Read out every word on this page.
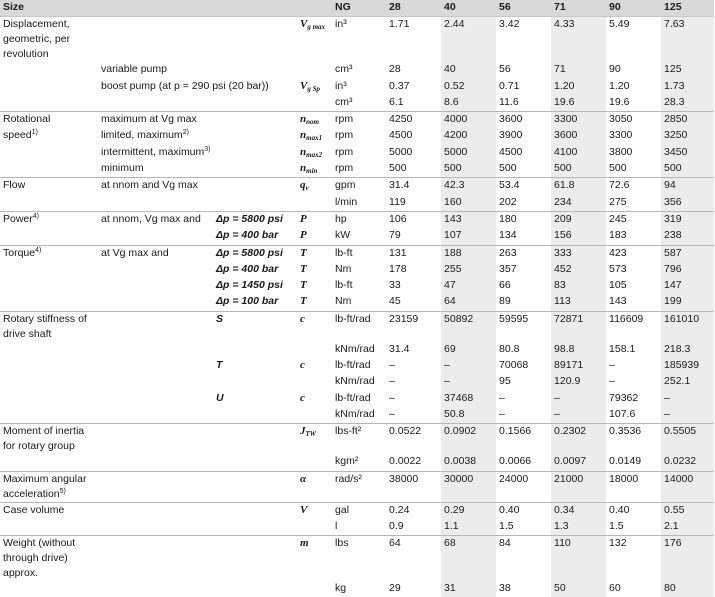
Size				NG	28	40	56	71	90	125
Displacement, geometric, per revolution			$V_{g max}$	in³	1.71	2.44	3.42	4.33	5.49	7.63
	variable pump			cm³	28	40	56	71	90	125
	boost pump (at p = 290 psi (20 bar))		$V_{g Sp}$	in³	0.37	0.52	0.71	1.20	1.20	1.73
				cm³	6.1	8.6	11.6	19.6	19.6	28.3
Rotational	maximum at Vg max		$n_{nom}$	rpm	4250	4000	3600	3300	3050	2850
speed$^{1)}$	limited, maximum$^{2)}$		$n_{max1}$	rpm	4500	4200	3900	3600	3300	3250
	intermittent, maximum$^{3)}$		$n_{max2}$	rpm	5000	5000	4500	4100	3800	3450
	minimum		$n_{min}$	rpm	500	500	500	500	500	500
Flow	at nnom and Vg max		$q_v$	gpm	31.4	42.3	53.4	61.8	72.6	94
				l/min	119	160	202	234	275	356
Power$^{4)}$	at nnom, Vg max and	Δp = 5800 psi	P	hp	106	143	180	209	245	319
		Δp = 400 bar	P	kW	79	107	134	156	183	238
Torque$^{4)}$	at Vg max and	Δp = 5800 psi	T	lb-ft	131	188	263	333	423	587
		Δp = 400 bar	T	Nm	178	255	357	452	573	796
		Δp = 1450 psi	T	lb-ft	33	47	66	83	105	147
		Δp = 100 bar	T	Nm	45	64	89	113	143	199
Rotary stiffness of drive shaft		S	c	lb-ft/rad	23159	50892	59595	72871	116609	161010
				kNm/rad	31.4	69	80.8	98.8	158.1	218.3
		T	c	lb-ft/rad	–	–	70068	89171	–	185939
				kNm/rad	–	–	95	120.9	–	252.1
		U	c	lb-ft/rad	–	37468	–	–	79362	–
				kNm/rad	–	50.8	–	–	107.6	–
Moment of inertia for rotary group			$J_{TW}$	lbs-ft²	0.0522	0.0902	0.1566	0.2302	0.3536	0.5505
				kgm²	0.0022	0.0038	0.0066	0.0097	0.0149	0.0232
Maximum angular acceleration$^{5)}$			α	rad/s²	38000	30000	24000	21000	18000	14000
Case volume			V	gal	0.24	0.29	0.40	0.34	0.40	0.55
				l	0.9	1.1	1.5	1.3	1.5	2.1
Weight (without through drive) approx.			m	lbs	64	68	84	110	132	176
				kg	29	31	38	50	60	80
